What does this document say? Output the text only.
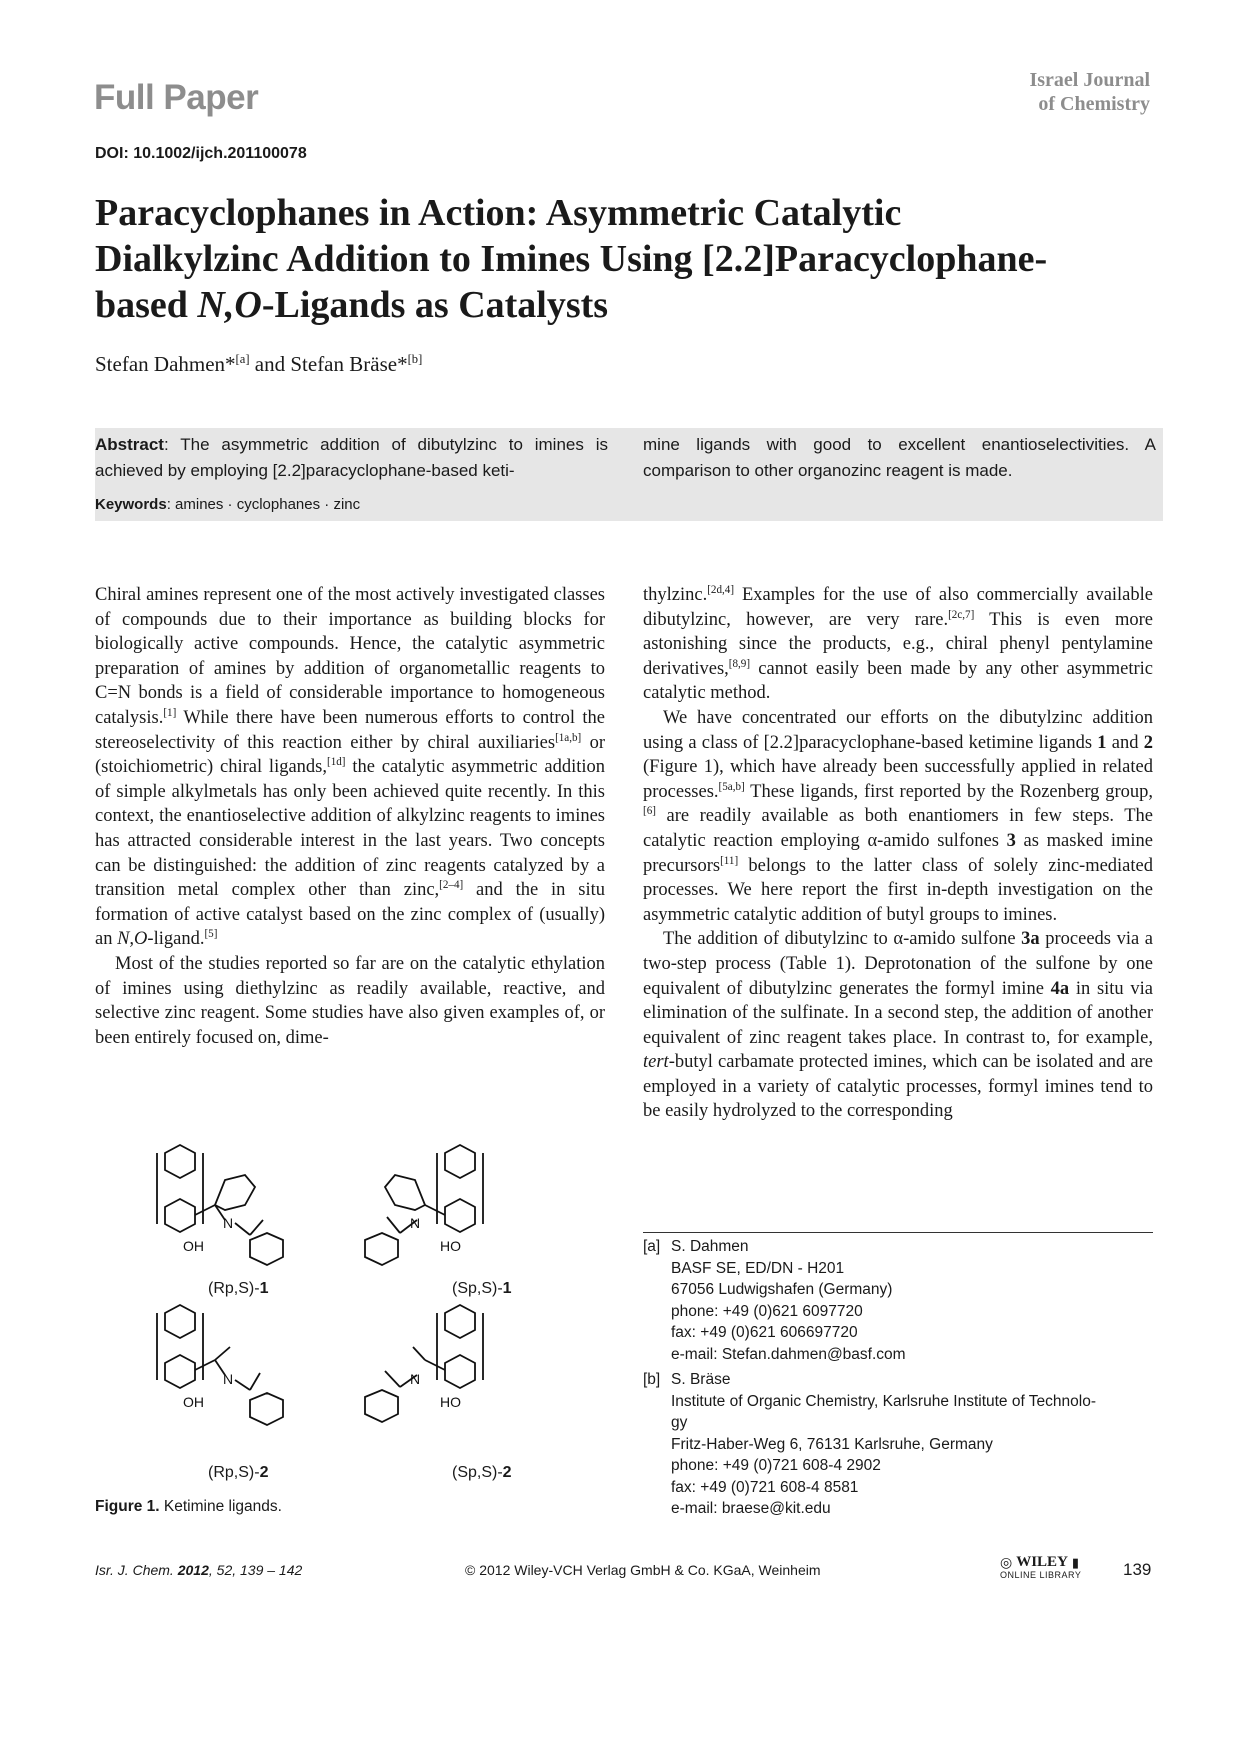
Full Paper	Israel Journal
of Chemistry
DOI: 10.1002/ijch.201100078
Paracyclophanes in Action: Asymmetric Catalytic
Dialkylzinc Addition to Imines Using [2.2]Paracyclophane-
based N,O-Ligands as Catalysts
Stefan Dahmen*[a] and Stefan Bräse*[b]
Abstract: The asymmetric addition of dibutylzinc to imines is achieved by employing [2.2]paracyclophane-based keti-
mine ligands with good to excellent enantioselectivities. A comparison to other organozinc reagent is made.
Keywords: amines · cyclophanes · zinc

Chiral amines represent one of the most actively investigated classes of compounds due to their importance as building blocks for biologically active compounds. Hence, the catalytic asymmetric preparation of amines by addition of organometallic reagents to C=N bonds is a field of considerable importance to homogeneous catalysis.[1] While there have been numerous efforts to control the stereoselectivity of this reaction either by chiral auxiliaries[1a,b] or (stoichiometric) chiral ligands,[1d] the catalytic asymmetric addition of simple alkylmetals has only been achieved quite recently. In this context, the enantioselective addition of alkylzinc reagents to imines has attracted considerable interest in the last years. Two concepts can be distinguished: the addition of zinc reagents catalyzed by a transition metal complex other than zinc,[2–4] and the in situ formation of active catalyst based on the zinc complex of (usually) an N,O-ligand.[5]

Most of the studies reported so far are on the catalytic ethylation of imines using diethylzinc as readily available, reactive, and selective zinc reagent. Some studies have also given examples of, or been entirely focused on, dime-

thylzinc.[2d,4] Examples for the use of also commercially available dibutylzinc, however, are very rare.[2c,7] This is even more astonishing since the products, e.g., chiral phenyl pentylamine derivatives,[8,9] cannot easily been made by any other asymmetric catalytic method.

We have concentrated our efforts on the dibutylzinc addition using a class of [2.2]paracyclophane-based ketimine ligands 1 and 2 (Figure 1), which have already been successfully applied in related processes.[5a,b] These ligands, first reported by the Rozenberg group,[6] are readily available as both enantiomers in few steps. The catalytic reaction employing α-amido sulfones 3 as masked imine precursors[11] belongs to the latter class of solely zinc-mediated processes. We here report the first in-depth investigation on the asymmetric catalytic addition of butyl groups to imines.

The addition of dibutylzinc to α-amido sulfone 3a proceeds via a two-step process (Table 1). Deprotonation of the sulfone by one equivalent of dibutylzinc generates the formyl imine 4a in situ via elimination of the sulfinate. In a second step, the addition of another equivalent of zinc reagent takes place. In contrast to, for example, tert-butyl carbamate protected imines, which can be isolated and are employed in a variety of catalytic processes, formyl imines tend to be easily hydrolyzed to the corresponding

[a] S. Dahmen
BASF SE, ED/DN - H201
67056 Ludwigshafen (Germany)
phone: +49 (0)621 6097720
fax: +49 (0)621 606697720
e-mail: Stefan.dahmen@basf.com
[b] S. Bräse
Institute of Organic Chemistry, Karlsruhe Institute of Technolo-
gy
Fritz-Haber-Weg 6, 76131 Karlsruhe, Germany
phone: +49 (0)721 608-4 2902
fax: +49 (0)721 608-4 8581
e-mail: braese@kit.edu
OH
N
HO
N
OH
N
HO
N
(Rp,S)-1	(Sp,S)-1
(Rp,S)-2	(Sp,S)-2
Figure 1. Ketimine ligands.
Isr. J. Chem. 2012, 52, 139 – 142	© 2012 Wiley-VCH Verlag GmbH & Co. KGaA, Weinheim	◎ WILEY ▮
ONLINE LIBRARY 139
